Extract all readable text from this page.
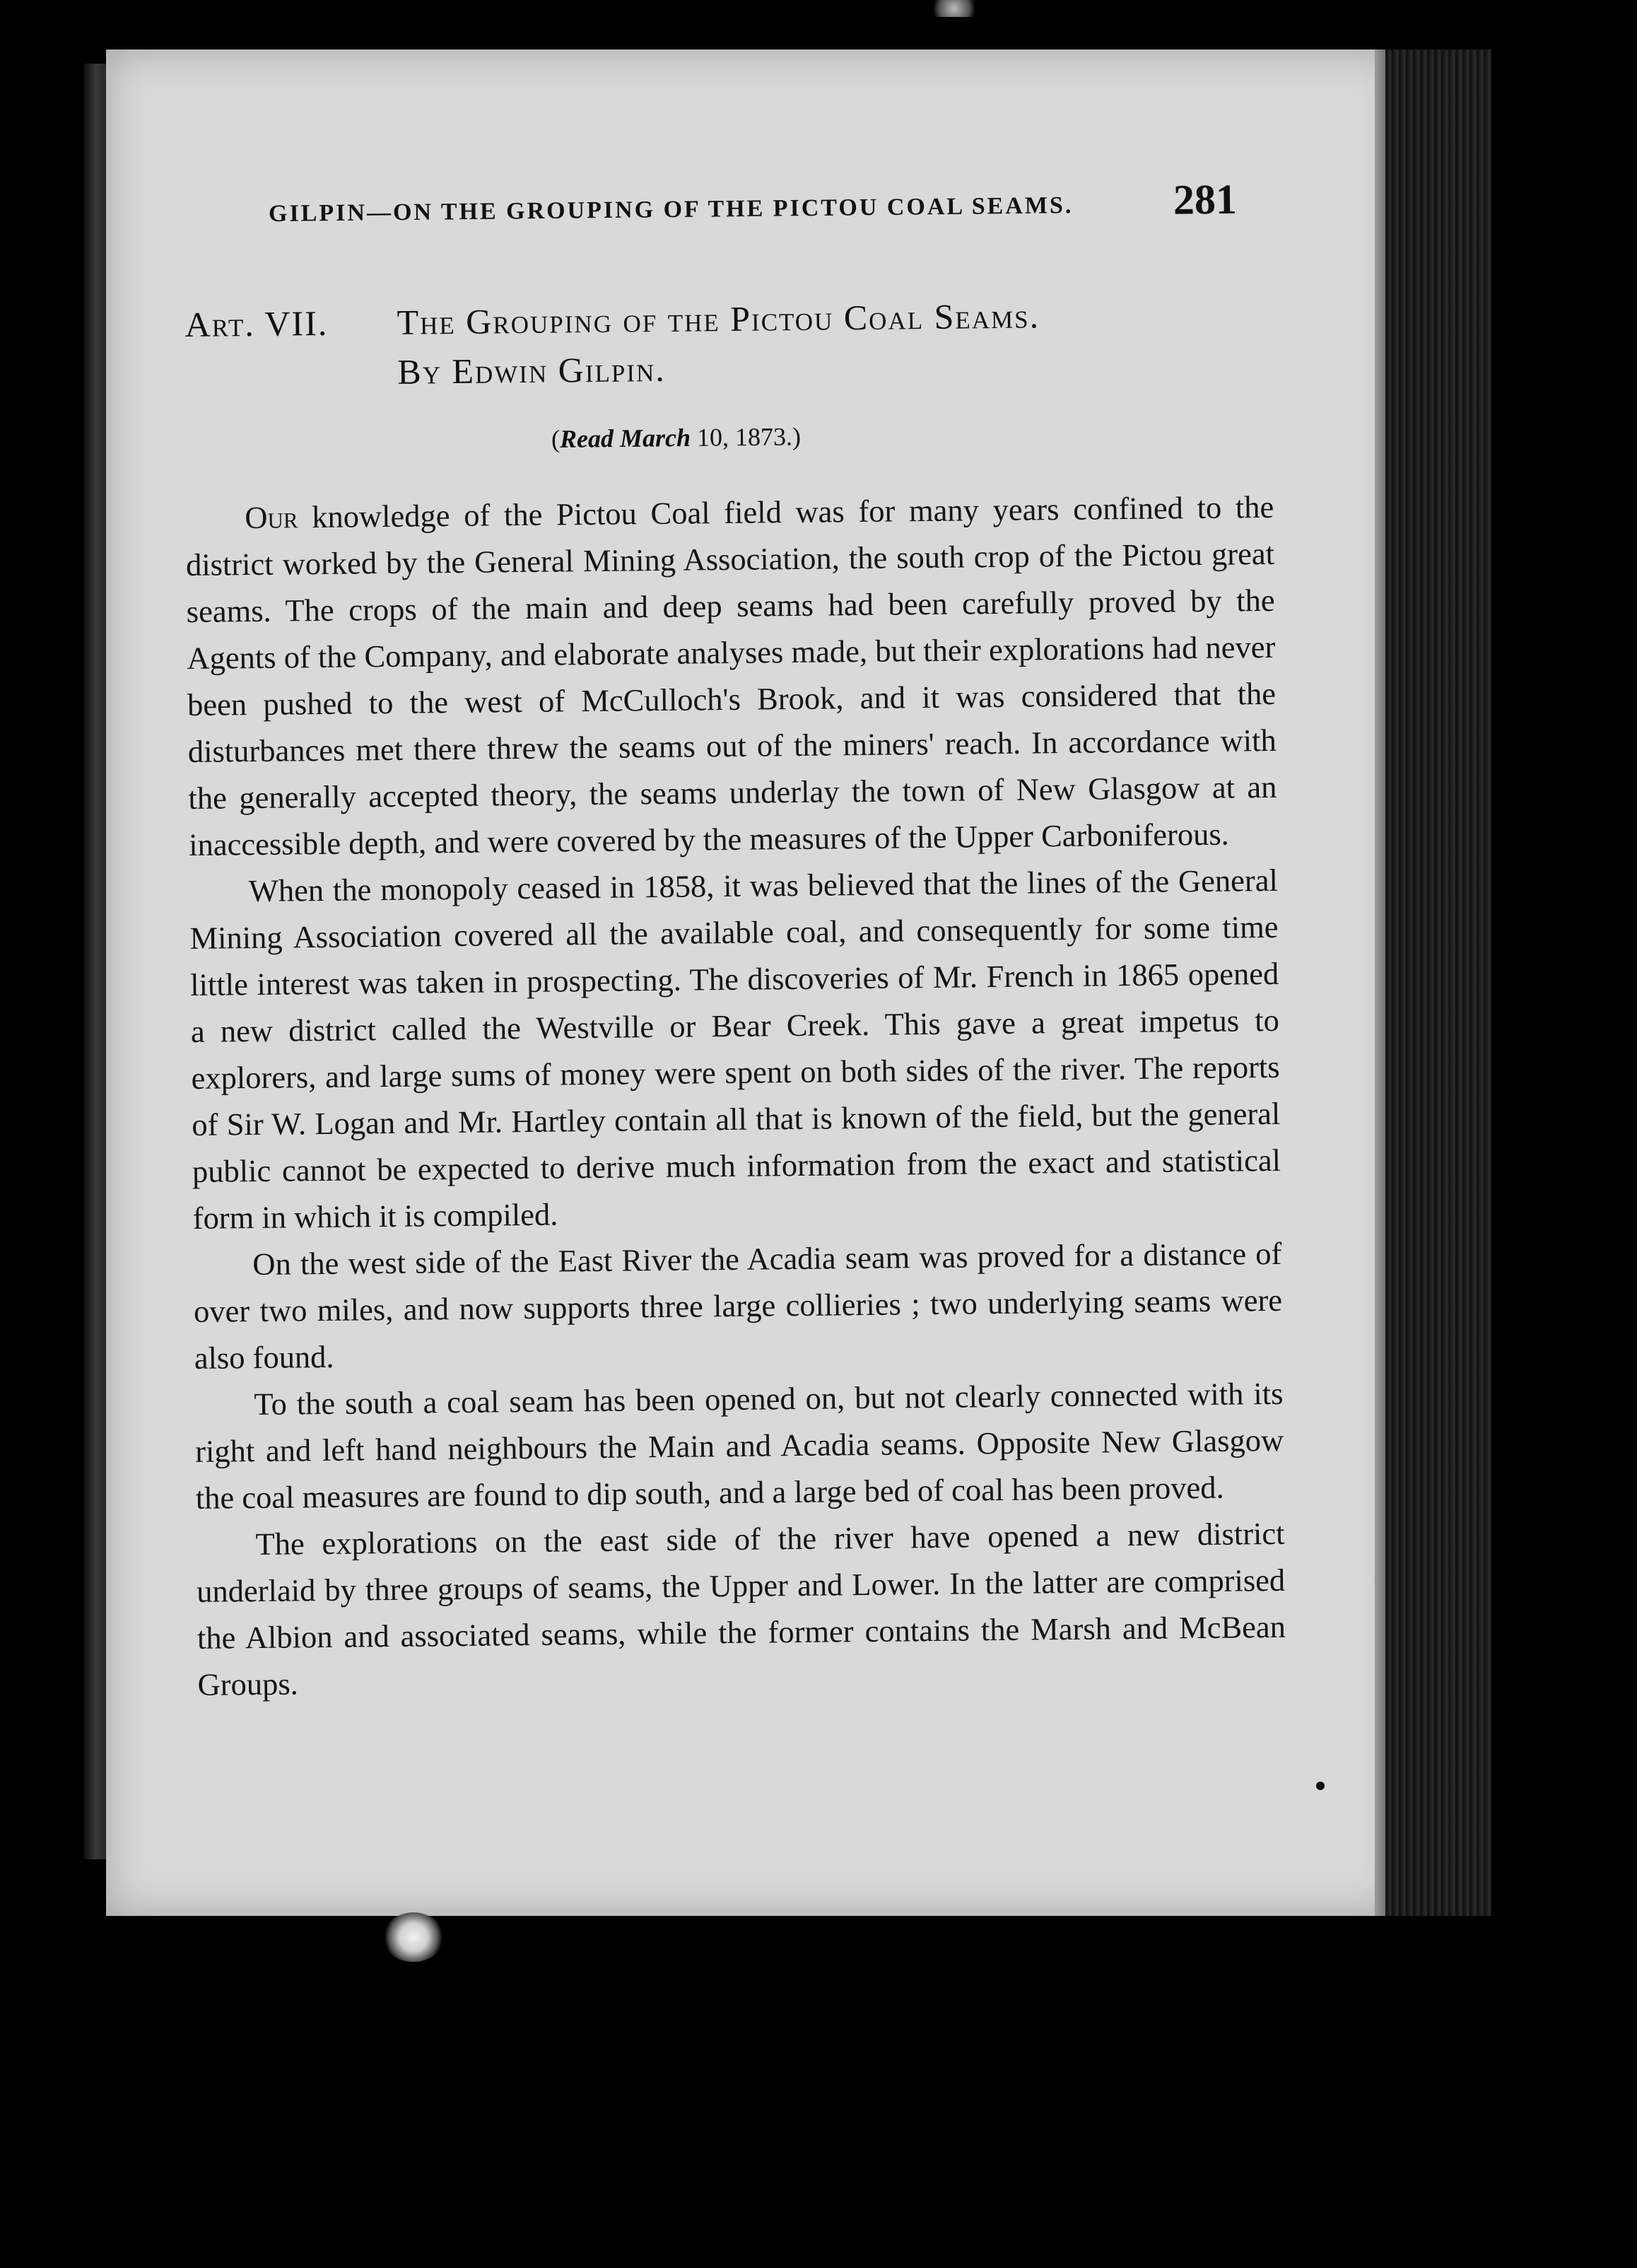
GILPIN—ON THE GROUPING OF THE PICTOU COAL SEAMS. 281
Art. VII. The Grouping of the Pictou Coal Seams.
By Edwin Gilpin.
(Read March 10, 1873.)

Our knowledge of the Pictou Coal field was for many years confined to the district worked by the General Mining Association, the south crop of the Pictou great seams. The crops of the main and deep seams had been carefully proved by the Agents of the Company, and elaborate analyses made, but their explorations had never been pushed to the west of McCulloch's Brook, and it was considered that the disturbances met there threw the seams out of the miners' reach. In accordance with the generally accepted theory, the seams underlay the town of New Glasgow at an inaccessible depth, and were covered by the measures of the Upper Carboniferous.

When the monopoly ceased in 1858, it was believed that the lines of the General Mining Association covered all the available coal, and consequently for some time little interest was taken in prospecting. The discoveries of Mr. French in 1865 opened a new district called the Westville or Bear Creek. This gave a great impetus to explorers, and large sums of money were spent on both sides of the river. The reports of Sir W. Logan and Mr. Hartley contain all that is known of the field, but the general public cannot be expected to derive much information from the exact and statistical form in which it is compiled.

On the west side of the East River the Acadia seam was proved for a distance of over two miles, and now supports three large collieries ; two underlying seams were also found.

To the south a coal seam has been opened on, but not clearly connected with its right and left hand neighbours the Main and Acadia seams. Opposite New Glasgow the coal measures are found to dip south, and a large bed of coal has been proved.

The explorations on the east side of the river have opened a new district underlaid by three groups of seams, the Upper and Lower. In the latter are comprised the Albion and associated seams, while the former contains the Marsh and McBean Groups.
